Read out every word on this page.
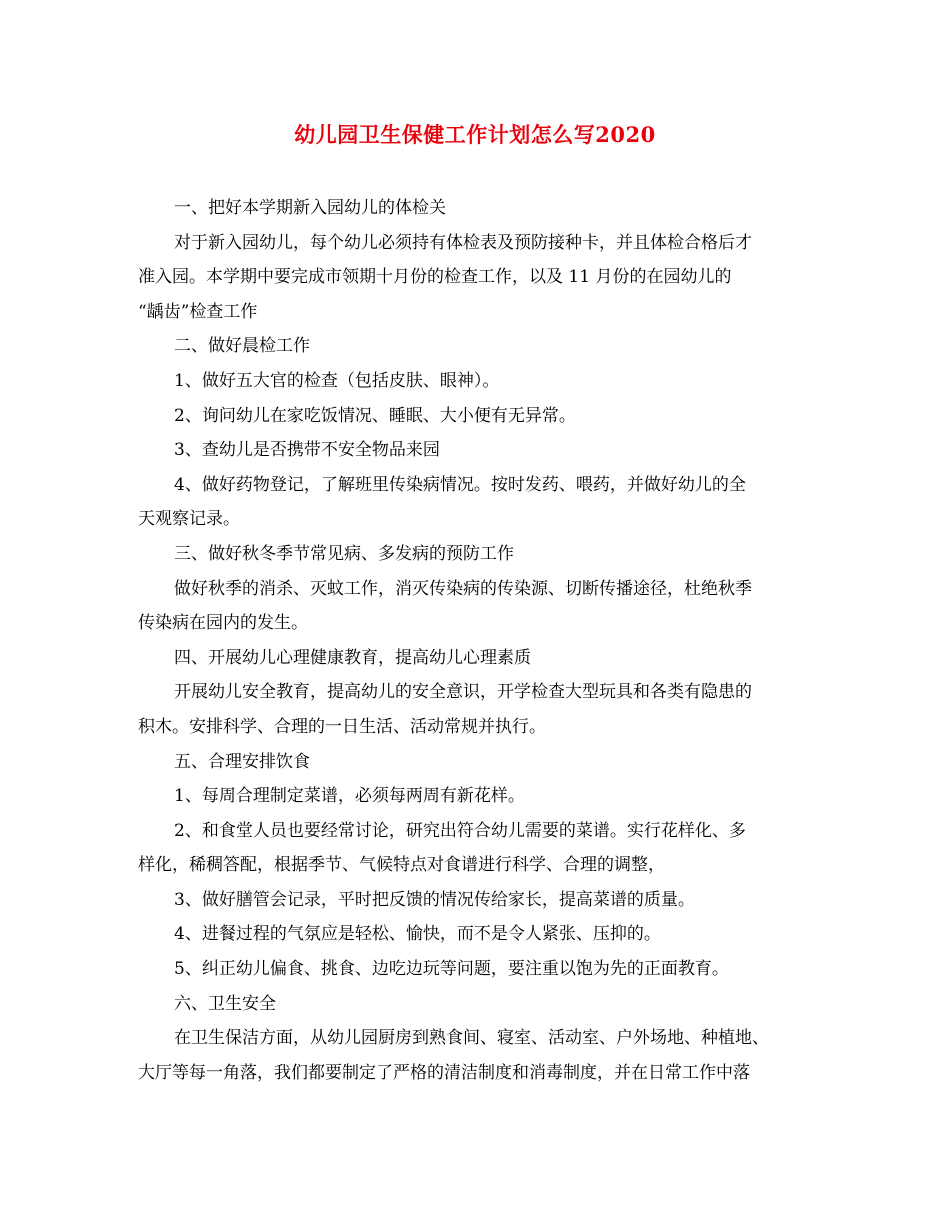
幼儿园卫生保健工作计划怎么写2020
一、把好本学期新入园幼儿的体检关
对于新入园幼儿，每个幼儿必须持有体检表及预防接种卡，并且体检合格后才
准入园。本学期中要完成市领期十月份的检查工作，以及 11 月份的在园幼儿的
“龋齿”检查工作
二、做好晨检工作
1、做好五大官的检查（包括皮肤、眼神）。
2、询问幼儿在家吃饭情况、睡眠、大小便有无异常。
3、查幼儿是否携带不安全物品来园
4、做好药物登记，了解班里传染病情况。按时发药、喂药，并做好幼儿的全
天观察记录。
三、做好秋冬季节常见病、多发病的预防工作
做好秋季的消杀、灭蚊工作，消灭传染病的传染源、切断传播途径，杜绝秋季
传染病在园内的发生。
四、开展幼儿心理健康教育，提高幼儿心理素质
开展幼儿安全教育，提高幼儿的安全意识，开学检查大型玩具和各类有隐患的
积木。安排科学、合理的一日生活、活动常规并执行。
五、合理安排饮食
1、每周合理制定菜谱，必须每两周有新花样。
2、和食堂人员也要经常讨论，研究出符合幼儿需要的菜谱。实行花样化、多
样化，稀稠答配，根据季节、气候特点对食谱进行科学、合理的调整，
3、做好膳管会记录，平时把反馈的情况传给家长，提高菜谱的质量。
4、进餐过程的气氛应是轻松、愉快，而不是令人紧张、压抑的。
5、纠正幼儿偏食、挑食、边吃边玩等问题，要注重以饱为先的正面教育。
六、卫生安全
在卫生保洁方面，从幼儿园厨房到熟食间、寝室、活动室、户外场地、种植地、
大厅等每一角落，我们都要制定了严格的清洁制度和消毒制度，并在日常工作中落
